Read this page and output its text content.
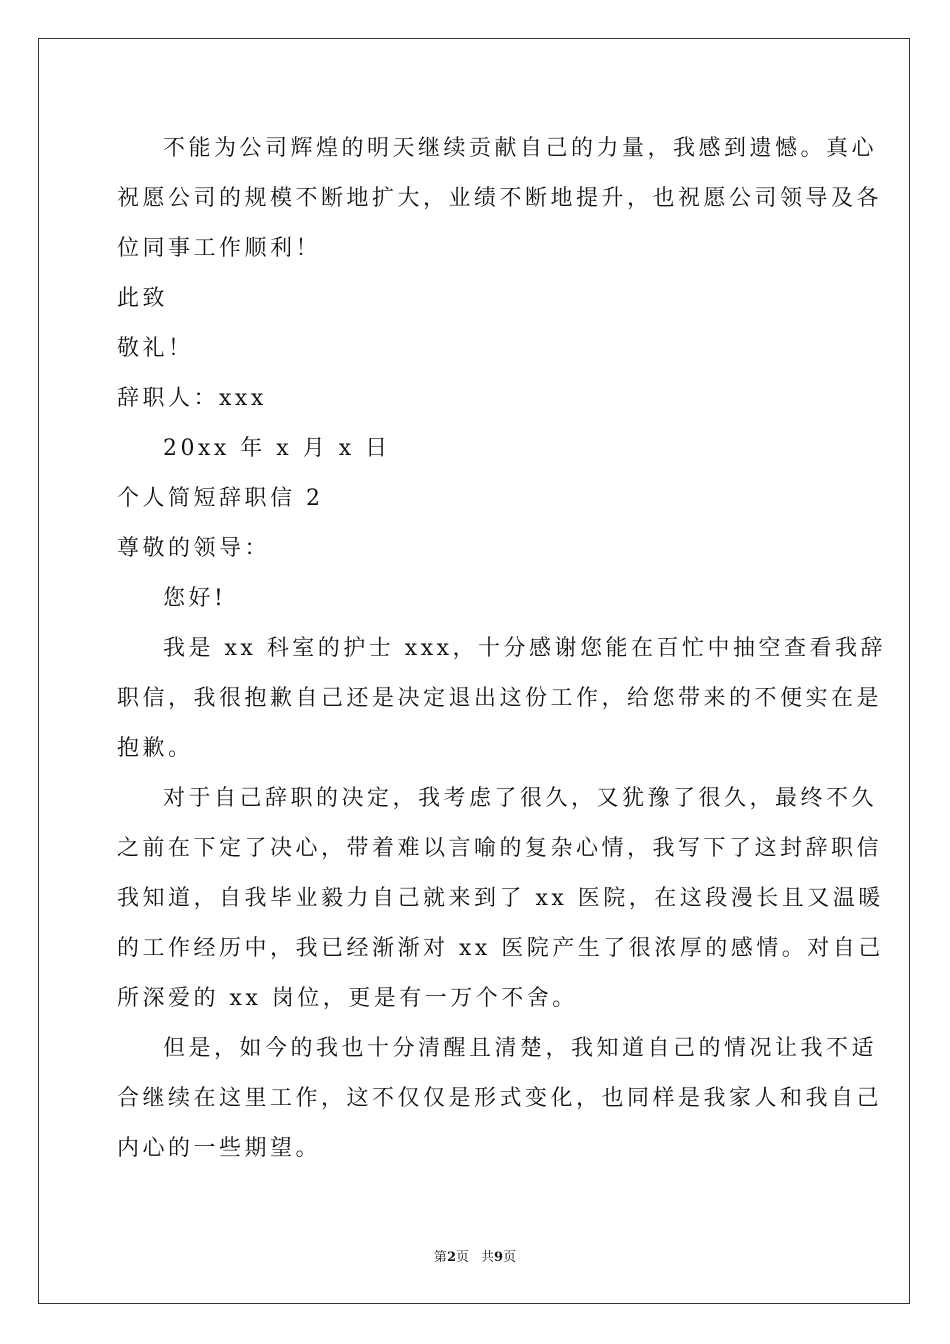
不能为公司辉煌的明天继续贡献自己的力量，我感到遗憾。真心

祝愿公司的规模不断地扩大，业绩不断地提升，也祝愿公司领导及各

位同事工作顺利！

此致

敬礼！

辞职人：xxx

20xx 年 x 月 x 日

个人简短辞职信 2

尊敬的领导：

您好!

我是 xx 科室的护士 xxx，十分感谢您能在百忙中抽空查看我辞

职信，我很抱歉自己还是决定退出这份工作，给您带来的不便实在是

抱歉。

对于自己辞职的决定，我考虑了很久，又犹豫了很久，最终不久

之前在下定了决心，带着难以言喻的复杂心情，我写下了这封辞职信

我知道，自我毕业毅力自己就来到了 xx 医院，在这段漫长且又温暖

的工作经历中，我已经渐渐对 xx 医院产生了很浓厚的感情。对自己

所深爱的 xx 岗位，更是有一万个不舍。

但是，如今的我也十分清醒且清楚，我知道自己的情况让我不适

合继续在这里工作，这不仅仅是形式变化，也同样是我家人和我自己

内心的一些期望。

第2页 共9页
